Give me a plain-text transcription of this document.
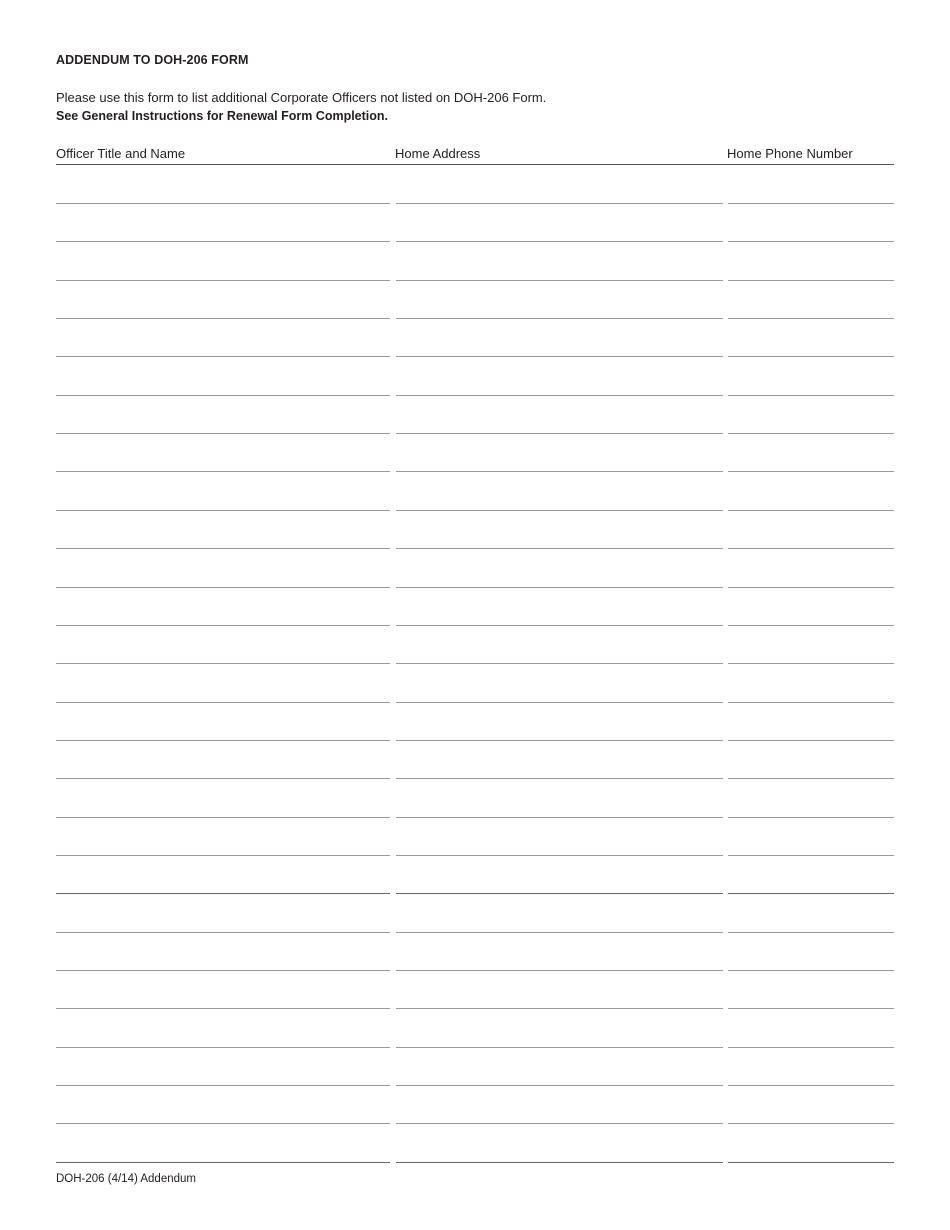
ADDENDUM TO DOH-206 FORM
Please use this form to list additional Corporate Officers not listed on DOH-206 Form.
See General Instructions for Renewal Form Completion.
Officer Title and Name	Home Address	Home Phone Number
DOH-206 (4/14) Addendum
